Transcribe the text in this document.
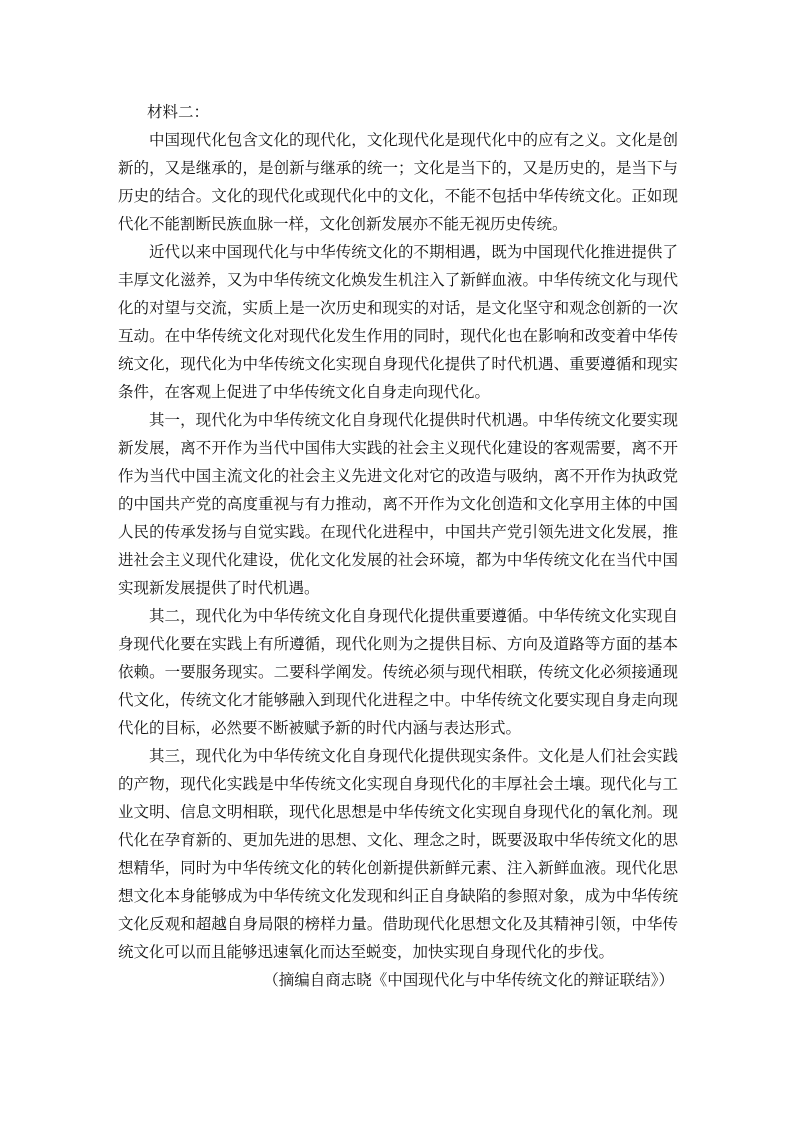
材料二：

中国现代化包含文化的现代化，文化现代化是现代化中的应有之义。文化是创新的，又是继承的，是创新与继承的统一；文化是当下的，又是历史的，是当下与历史的结合。文化的现代化或现代化中的文化，不能不包括中华传统文化。正如现代化不能割断民族血脉一样，文化创新发展亦不能无视历史传统。

近代以来中国现代化与中华传统文化的不期相遇，既为中国现代化推进提供了丰厚文化滋养，又为中华传统文化焕发生机注入了新鲜血液。中华传统文化与现代化的对望与交流，实质上是一次历史和现实的对话，是文化坚守和观念创新的一次互动。在中华传统文化对现代化发生作用的同时，现代化也在影响和改变着中华传统文化，现代化为中华传统文化实现自身现代化提供了时代机遇、重要遵循和现实条件，在客观上促进了中华传统文化自身走向现代化。

其一，现代化为中华传统文化自身现代化提供时代机遇。中华传统文化要实现新发展，离不开作为当代中国伟大实践的社会主义现代化建设的客观需要，离不开作为当代中国主流文化的社会主义先进文化对它的改造与吸纳，离不开作为执政党的中国共产党的高度重视与有力推动，离不开作为文化创造和文化享用主体的中国人民的传承发扬与自觉实践。在现代化进程中，中国共产党引领先进文化发展，推进社会主义现代化建设，优化文化发展的社会环境，都为中华传统文化在当代中国实现新发展提供了时代机遇。

其二，现代化为中华传统文化自身现代化提供重要遵循。中华传统文化实现自身现代化要在实践上有所遵循，现代化则为之提供目标、方向及道路等方面的基本依赖。一要服务现实。二要科学阐发。传统必须与现代相联，传统文化必须接通现代文化，传统文化才能够融入到现代化进程之中。中华传统文化要实现自身走向现代化的目标，必然要不断被赋予新的时代内涵与表达形式。

其三，现代化为中华传统文化自身现代化提供现实条件。文化是人们社会实践的产物，现代化实践是中华传统文化实现自身现代化的丰厚社会土壤。现代化与工业文明、信息文明相联，现代化思想是中华传统文化实现自身现代化的氧化剂。现代化在孕育新的、更加先进的思想、文化、理念之时，既要汲取中华传统文化的思想精华，同时为中华传统文化的转化创新提供新鲜元素、注入新鲜血液。现代化思想文化本身能够成为中华传统文化发现和纠正自身缺陷的参照对象，成为中华传统文化反观和超越自身局限的榜样力量。借助现代化思想文化及其精神引领，中华传统文化可以而且能够迅速氧化而达至蜕变，加快实现自身现代化的步伐。

（摘编自商志晓《中国现代化与中华传统文化的辩证联结》）
